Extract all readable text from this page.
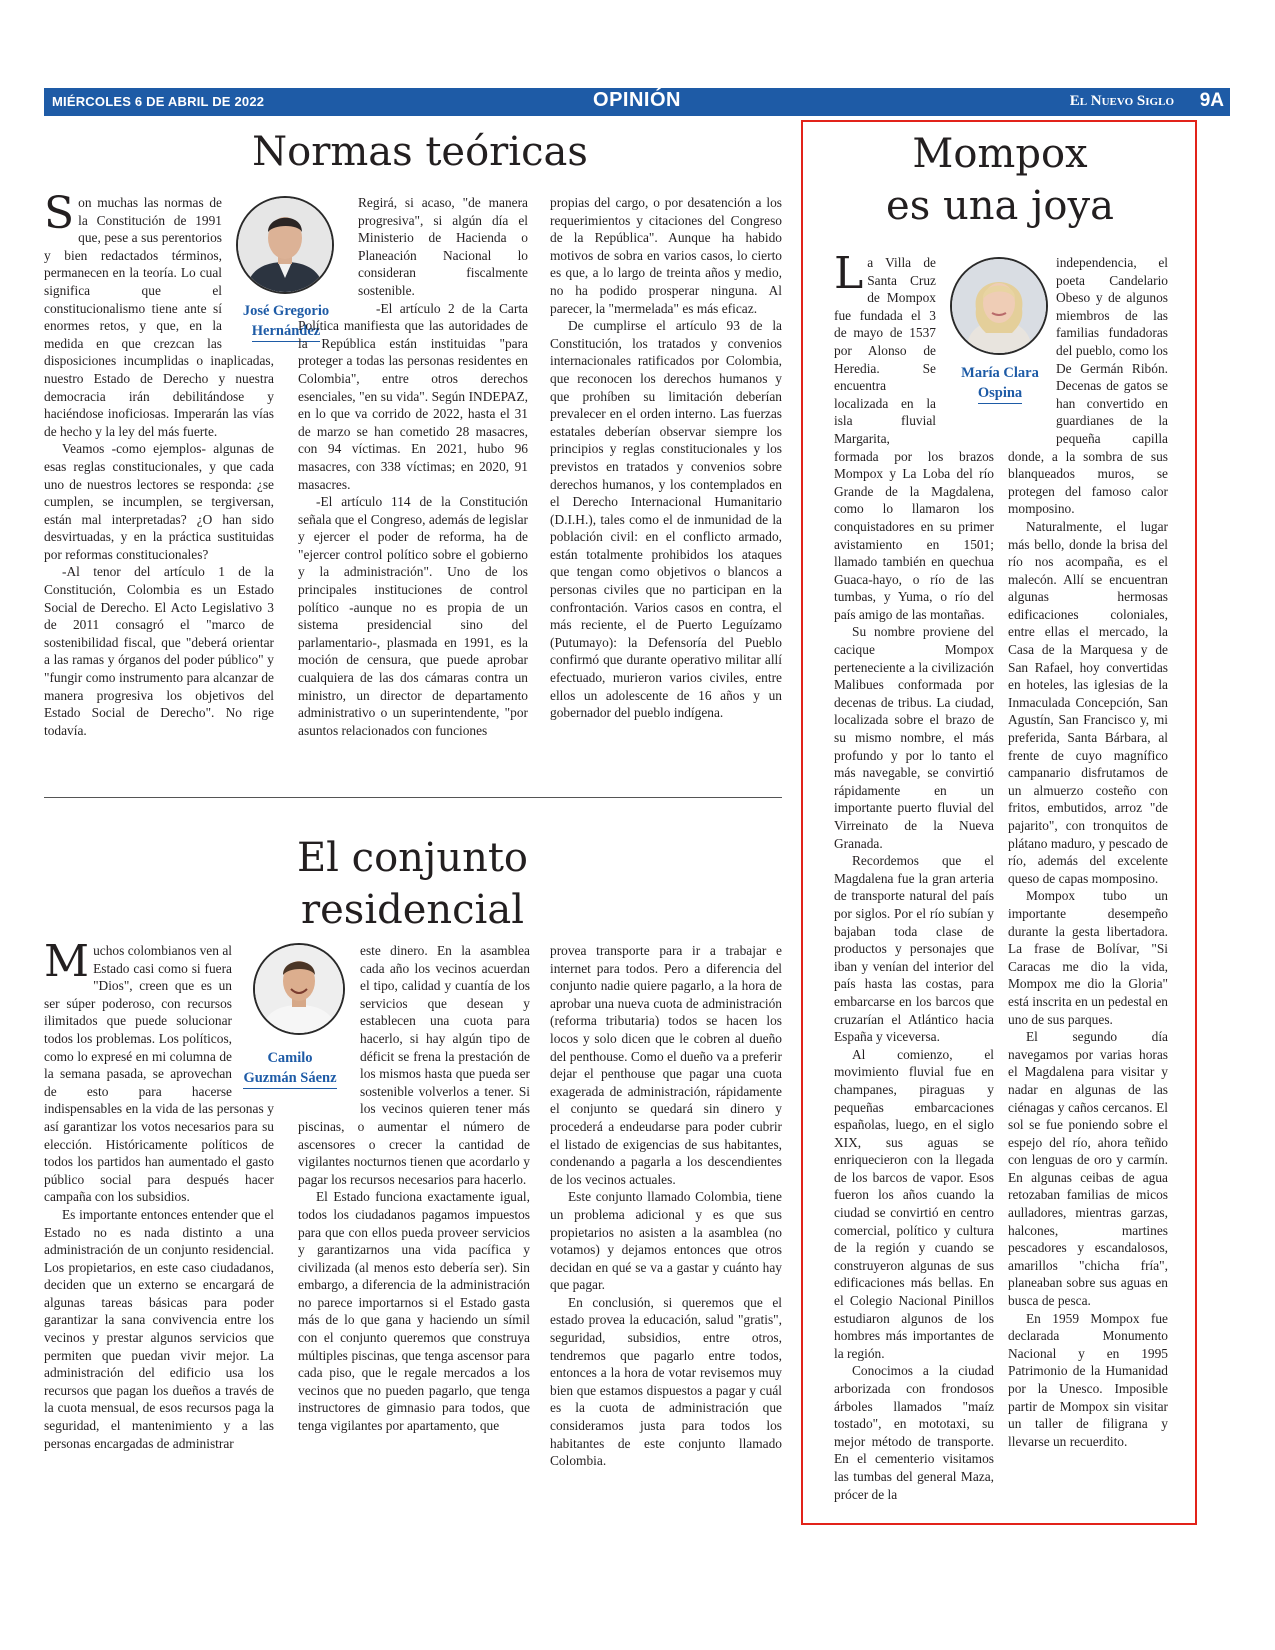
MIÉRCOLES 6 DE ABRIL DE 2022	OPINIÓN	El Nuevo Siglo 9A
Normas teóricas
José Gregorio
Hernández

S on muchas las normas de la Constitución de 1991 que, pese a sus perentorios y bien redactados términos, permanecen en la teoría. Lo cual significa que el constitucionalismo tiene ante sí enormes retos, y que, en la medida en que crezcan las disposiciones incumplidas o inaplicadas, nuestro Estado de Derecho y nuestra democracia irán debilitándose y haciéndose inoficiosas. Imperarán las vías de hecho y la ley del más fuerte.

Veamos -como ejemplos- algunas de esas reglas constitucionales, y que cada uno de nuestros lectores se responda: ¿se cumplen, se incumplen, se tergiversan, están mal interpretadas? ¿O han sido desvirtuadas, y en la práctica sustituidas por reformas constitucionales?

-Al tenor del artículo 1 de la Constitución, Colombia es un Estado Social de Derecho. El Acto Legislativo 3 de 2011 consagró el "marco de sostenibilidad fiscal, que "deberá orientar a las ramas y órganos del poder público" y "fungir como instrumento para alcanzar de manera progresiva los objetivos del Estado Social de Derecho". No rige todavía.

Regirá, si acaso, "de manera progresiva", si algún día el Ministerio de Hacienda o Planeación Nacional lo consideran fiscalmente sostenible.

-El artículo 2 de la Carta Política manifiesta que las autoridades de la República están instituidas "para proteger a todas las personas residentes en Colombia", entre otros derechos esenciales, "en su vida". Según INDEPAZ, en lo que va corrido de 2022, hasta el 31 de marzo se han cometido 28 masacres, con 94 víctimas. En 2021, hubo 96 masacres, con 338 víctimas; en 2020, 91 masacres.

-El artículo 114 de la Constitución señala que el Congreso, además de legislar y ejercer el poder de reforma, ha de "ejercer control político sobre el gobierno y la administración". Uno de los principales instituciones de control político -aunque no es propia de un sistema presidencial sino del parlamentario-, plasmada en 1991, es la moción de censura, que puede aprobar cualquiera de las dos cámaras contra un ministro, un director de departamento administrativo o un superintendente, "por asuntos relacionados con funciones

propias del cargo, o por desatención a los requerimientos y citaciones del Congreso de la República". Aunque ha habido motivos de sobra en varios casos, lo cierto es que, a lo largo de treinta años y medio, no ha podido prosperar ninguna. Al parecer, la "mermelada" es más eficaz.

De cumplirse el artículo 93 de la Constitución, los tratados y convenios internacionales ratificados por Colombia, que reconocen los derechos humanos y que prohíben su limitación deberían prevalecer en el orden interno. Las fuerzas estatales deberían observar siempre los principios y reglas constitucionales y los previstos en tratados y convenios sobre derechos humanos, y los contemplados en el Derecho Internacional Humanitario (D.I.H.), tales como el de inmunidad de la población civil: en el conflicto armado, están totalmente prohibidos los ataques que tengan como objetivos o blancos a personas civiles que no participan en la confrontación. Varios casos en contra, el más reciente, el de Puerto Leguízamo (Putumayo): la Defensoría del Pueblo confirmó que durante operativo militar allí efectuado, murieron varios civiles, entre ellos un adolescente de 16 años y un gobernador del pueblo indígena.

El conjunto
residencial
Camilo
Guzmán Sáenz

M uchos colombianos ven al Estado casi como si fuera "Dios", creen que es un ser súper poderoso, con recursos ilimitados que puede solucionar todos los problemas. Los políticos, como lo expresé en mi columna de la semana pasada, se aprovechan de esto para hacerse indispensables en la vida de las personas y así garantizar los votos necesarios para su elección. Históricamente políticos de todos los partidos han aumentado el gasto público social para después hacer campaña con los subsidios.

Es importante entonces entender que el Estado no es nada distinto a una administración de un conjunto residencial. Los propietarios, en este caso ciudadanos, deciden que un externo se encargará de algunas tareas básicas para poder garantizar la sana convivencia entre los vecinos y prestar algunos servicios que permiten que puedan vivir mejor. La administración del edificio usa los recursos que pagan los dueños a través de la cuota mensual, de esos recursos paga la seguridad, el mantenimiento y a las personas encargadas de administrar

este dinero. En la asamblea cada año los vecinos acuerdan el tipo, calidad y cuantía de los servicios que desean y establecen una cuota para hacerlo, si hay algún tipo de déficit se frena la prestación de los mismos hasta que pueda ser sostenible volverlos a tener. Si los vecinos quieren tener más piscinas, o aumentar el número de ascensores o crecer la cantidad de vigilantes nocturnos tienen que acordarlo y pagar los recursos necesarios para hacerlo.

El Estado funciona exactamente igual, todos los ciudadanos pagamos impuestos para que con ellos pueda proveer servicios y garantizarnos una vida pacífica y civilizada (al menos esto debería ser). Sin embargo, a diferencia de la administración no parece importarnos si el Estado gasta más de lo que gana y haciendo un símil con el conjunto queremos que construya múltiples piscinas, que tenga ascensor para cada piso, que le regale mercados a los vecinos que no pueden pagarlo, que tenga instructores de gimnasio para todos, que tenga vigilantes por apartamento, que

provea transporte para ir a trabajar e internet para todos. Pero a diferencia del conjunto nadie quiere pagarlo, a la hora de aprobar una nueva cuota de administración (reforma tributaria) todos se hacen los locos y solo dicen que le cobren al dueño del penthouse. Como el dueño va a preferir dejar el penthouse que pagar una cuota exagerada de administración, rápidamente el conjunto se quedará sin dinero y procederá a endeudarse para poder cubrir el listado de exigencias de sus habitantes, condenando a pagarla a los descendientes de los vecinos actuales.

Este conjunto llamado Colombia, tiene un problema adicional y es que sus propietarios no asisten a la asamblea (no votamos) y dejamos entonces que otros decidan en qué se va a gastar y cuánto hay que pagar.

En conclusión, si queremos que el estado provea la educación, salud "gratis", seguridad, subsidios, entre otros, tendremos que pagarlo entre todos, entonces a la hora de votar revisemos muy bien que estamos dispuestos a pagar y cuál es la cuota de administración que consideramos justa para todos los habitantes de este conjunto llamado Colombia.

Mompox
es una joya
María Clara
Ospina

L a Villa de Santa Cruz de Mompox fue fundada el 3 de mayo de 1537 por Alonso de Heredia. Se encuentra localizada en la isla fluvial Margarita, formada por los brazos Mompox y La Loba del río Grande de la Magdalena, como lo llamaron los conquistadores en su primer avistamiento en 1501; llamado también en quechua Guaca-hayo, o río de las tumbas, y Yuma, o río del país amigo de las montañas.

Su nombre proviene del cacique Mompox perteneciente a la civilización Malibues conformada por decenas de tribus. La ciudad, localizada sobre el brazo de su mismo nombre, el más profundo y por lo tanto el más navegable, se convirtió rápidamente en un importante puerto fluvial del Virreinato de la Nueva Granada.

Recordemos que el Magdalena fue la gran arteria de transporte natural del país por siglos. Por el río subían y bajaban toda clase de productos y personajes que iban y venían del interior del país hasta las costas, para embarcarse en los barcos que cruzarían el Atlántico hacia España y viceversa.

Al comienzo, el movimiento fluvial fue en champanes, piraguas y pequeñas embarcaciones españolas, luego, en el siglo XIX, sus aguas se enriquecieron con la llegada de los barcos de vapor. Esos fueron los años cuando la ciudad se convirtió en centro comercial, político y cultura de la región y cuando se construyeron algunas de sus edificaciones más bellas. En el Colegio Nacional Pinillos estudiaron algunos de los hombres más importantes de la región.

Conocimos a la ciudad arborizada con frondosos árboles llamados "maíz tostado", en mototaxi, su mejor método de transporte. En el cementerio visitamos las tumbas del general Maza, prócer de la

independencia, el poeta Candelario Obeso y de algunos miembros de las familias fundadoras del pueblo, como los De Germán Ribón. Decenas de gatos se han convertido en guardianes de la pequeña capilla donde, a la sombra de sus blanqueados muros, se protegen del famoso calor momposino.

Naturalmente, el lugar más bello, donde la brisa del río nos acompaña, es el malecón. Allí se encuentran algunas hermosas edificaciones coloniales, entre ellas el mercado, la Casa de la Marquesa y de San Rafael, hoy convertidas en hoteles, las iglesias de la Inmaculada Concepción, San Agustín, San Francisco y, mi preferida, Santa Bárbara, al frente de cuyo magnífico campanario disfrutamos de un almuerzo costeño con fritos, embutidos, arroz "de pajarito", con tronquitos de plátano maduro, y pescado de río, además del excelente queso de capas momposino.

Mompox tubo un importante desempeño durante la gesta libertadora. La frase de Bolívar, "Si Caracas me dio la vida, Mompox me dio la Gloria" está inscrita en un pedestal en uno de sus parques.

El segundo día navegamos por varias horas el Magdalena para visitar y nadar en algunas de las ciénagas y caños cercanos. El sol se fue poniendo sobre el espejo del río, ahora teñido con lenguas de oro y carmín. En algunas ceibas de agua retozaban familias de micos aulladores, mientras garzas, halcones, martines pescadores y escandalosos, amarillos "chicha fría", planeaban sobre sus aguas en busca de pesca.

En 1959 Mompox fue declarada Monumento Nacional y en 1995 Patrimonio de la Humanidad por la Unesco. Imposible partir de Mompox sin visitar un taller de filigrana y llevarse un recuerdito.
